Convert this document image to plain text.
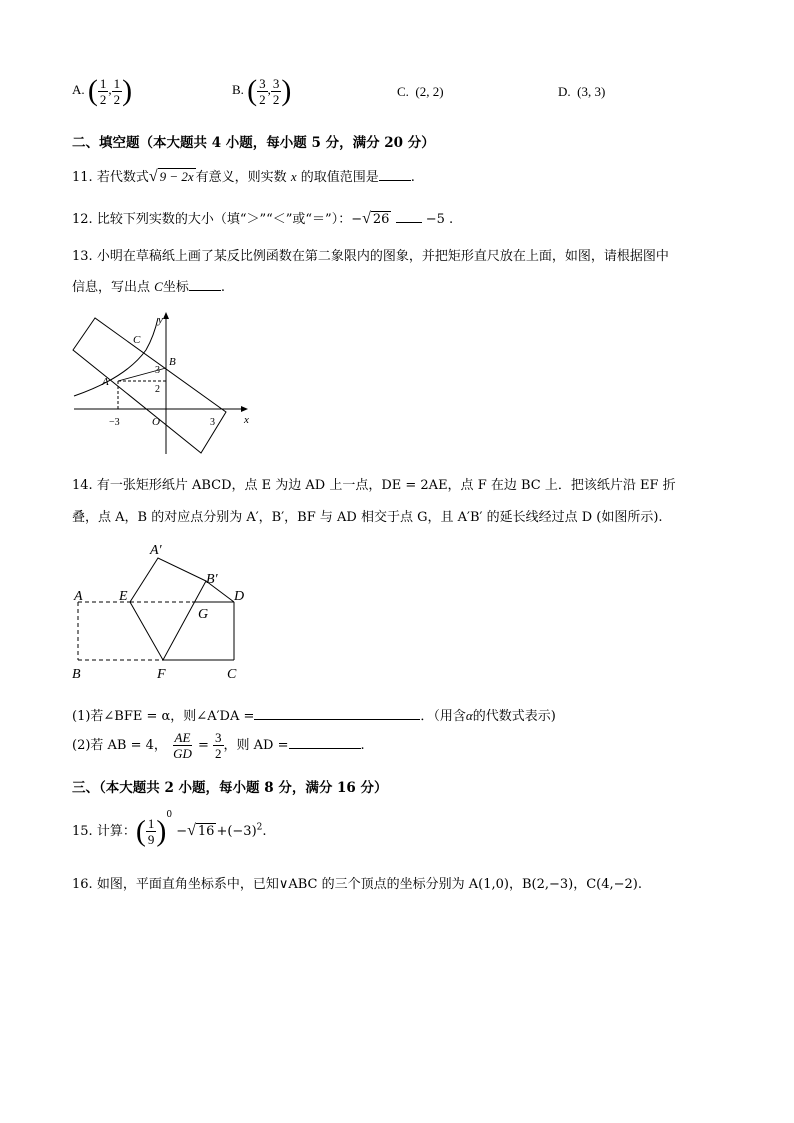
A. ( $\frac{1}{2}$ , $\frac{1}{2}$ )	B. ( $\frac{3}{2}$ , $\frac{3}{2}$ )	C. (2, 2)	D. (3, 3)
二、填空题（本大题共 4 小题，每小题 5 分，满分 20 分）
11. 若代数式√ 9 − 2x 有意义，则实数 x 的取值范围是 .
12. 比较下列实数的大小（填“＞”“＜”或“＝”）：−√ 26	−5 .
13. 小明在草稿纸上画了某反比例函数在第二象限内的图象，并把矩形直尺放在上面，如图，请根据图中
信息，写出点 C坐标 .
y
x
O
A
B
C
3
2
−3	3
14. 有一张矩形纸片 ABCD，点 E 为边 AD 上一点，DE = 2AE，点 F 在边 BC 上．把该纸片沿 EF 折
叠，点 A，B 的对应点分别为 A′，B′，BF 与 AD 相交于点 G，且 A′B′ 的延长线经过点 D (如图所示).
A′
B′
A	E	D
G
B	F	C
(1)若∠BFE = α，则∠A′DA =	．（用含α的代数式表示)
(2)若 AB = 4， $\frac{AE}{GD} = \frac{3}{2}$ ，则 AD =	.
三、（本大题共 2 小题，每小题 8 分，满分 16 分）
15. 计算：( $\frac{1}{9} )^0$ −√ $16 +(-3)^2$.
16. 如图，平面直角坐标系中，已知∨ABC 的三个顶点的坐标分别为 A(1,0)，B(2,−3)，C(4,−2).
